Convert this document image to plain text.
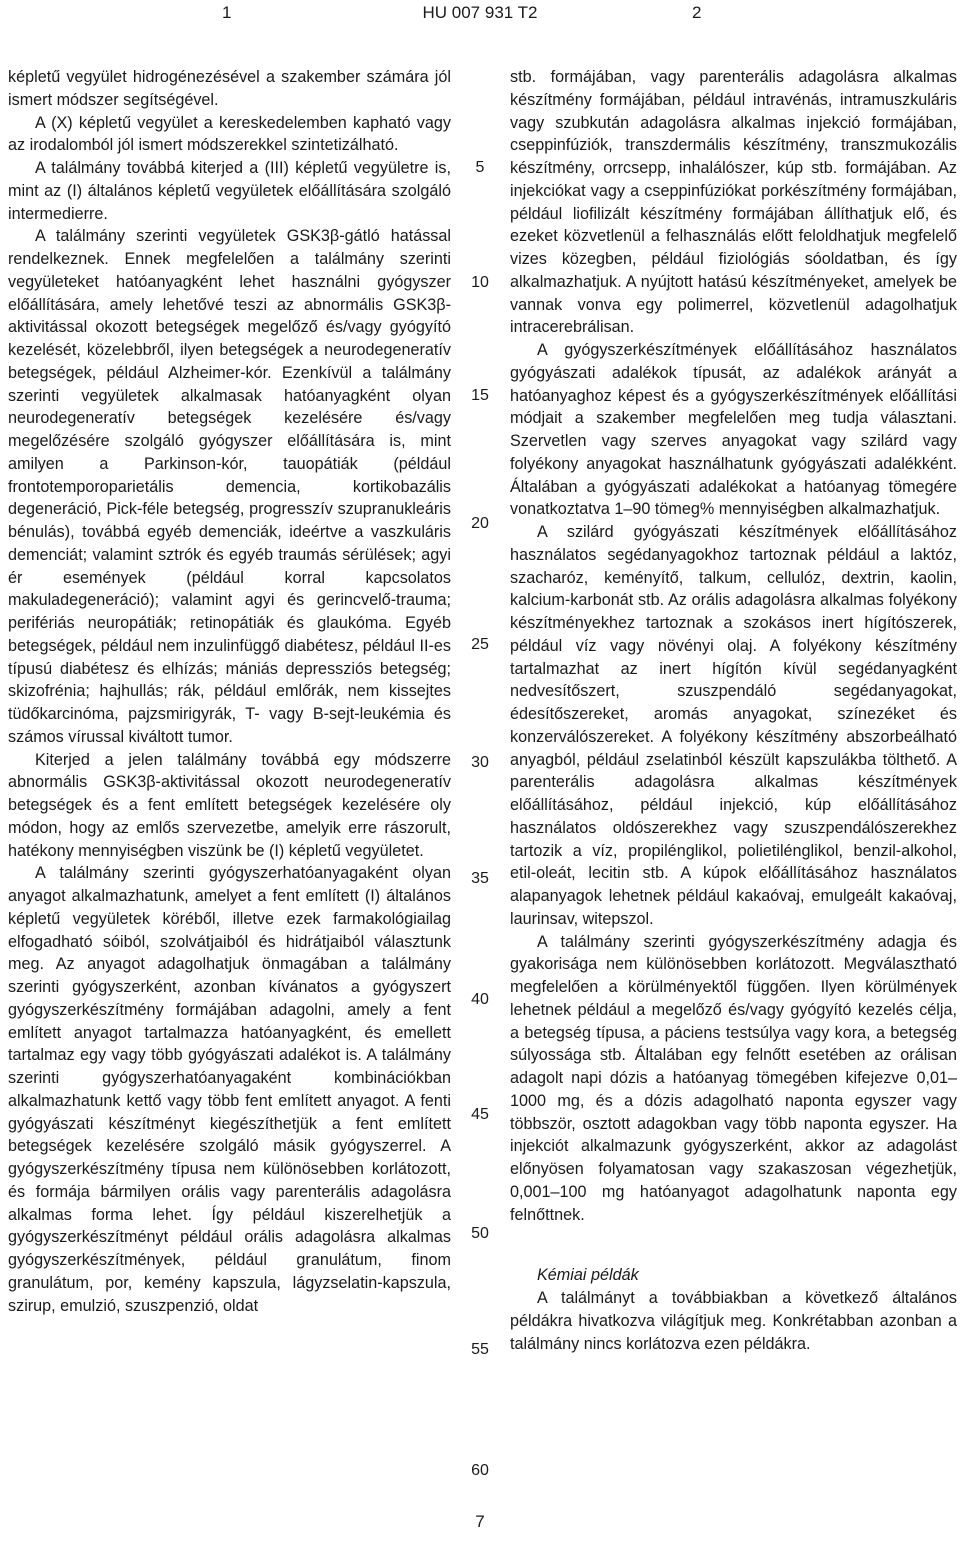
1	HU 007 931 T2	2

képletű vegyület hidrogénezésével a szakember számára jól ismert módszer segítségével.

A (X) képletű vegyület a kereskedelemben kapható vagy az irodalomból jól ismert módszerekkel szintetizálható.

A találmány továbbá kiterjed a (III) képletű vegyületre is, mint az (I) általános képletű vegyületek előállítására szolgáló intermedierre.

A találmány szerinti vegyületek GSK3β-gátló hatással rendelkeznek. Ennek megfelelően a találmány szerinti vegyületeket hatóanyagként lehet használni gyógyszer előállítására, amely lehetővé teszi az abnormális GSK3β-aktivitással okozott betegségek megelőző és/vagy gyógyító kezelését, közelebbről, ilyen betegségek a neurodegeneratív betegségek, például Alzheimer-kór. Ezenkívül a találmány szerinti vegyületek alkalmasak hatóanyagként olyan neurodegeneratív betegségek kezelésére és/vagy megelőzésére szolgáló gyógyszer előállítására is, mint amilyen a Parkinson-kór, tauopátiák (például frontotemporoparietális demencia, kortikobazális degeneráció, Pick-féle betegség, progresszív szupranukleáris bénulás), továbbá egyéb demenciák, ideértve a vaszkuláris demenciát; valamint sztrók és egyéb traumás sérülések; agyi ér események (például korral kapcsolatos makuladegeneráció); valamint agyi és gerincvelő-trauma; perifériás neuropátiák; retinopátiák és glaukóma. Egyéb betegségek, például nem inzulinfüggő diabétesz, például II-es típusú diabétesz és elhízás; mániás depressziós betegség; skizofrénia; hajhullás; rák, például emlőrák, nem kissejtes tüdőkarcinóma, pajzsmirigyrák, T- vagy B-sejt-leukémia és számos vírussal kiváltott tumor.

Kiterjed a jelen találmány továbbá egy módszerre abnormális GSK3β-aktivitással okozott neurodegeneratív betegségek és a fent említett betegségek kezelésére oly módon, hogy az emlős szervezetbe, amelyik erre rászorult, hatékony mennyiségben viszünk be (I) képletű vegyületet.

A találmány szerinti gyógyszerhatóanyagaként olyan anyagot alkalmazhatunk, amelyet a fent említett (I) általános képletű vegyületek köréből, illetve ezek farmakológiailag elfogadható sóiból, szolvátjaiból és hidrátjaiból választunk meg. Az anyagot adagolhatjuk önmagában a találmány szerinti gyógyszerként, azonban kívánatos a gyógyszert gyógyszerkészítmény formájában adagolni, amely a fent említett anyagot tartalmazza hatóanyagként, és emellett tartalmaz egy vagy több gyógyászati adalékot is. A találmány szerinti gyógyszerhatóanyagaként kombinációkban alkalmazhatunk kettő vagy több fent említett anyagot. A fenti gyógyászati készítményt kiegészíthetjük a fent említett betegségek kezelésére szolgáló másik gyógyszerrel. A gyógyszerkészítmény típusa nem különösebben korlátozott, és formája bármilyen orális vagy parenterális adagolásra alkalmas forma lehet. Így például kiszerelhetjük a gyógyszerkészítményt például orális adagolásra alkalmas gyógyszerkészítmények, például granulátum, finom granulátum, por, kemény kapszula, lágyzselatin-kapszula, szirup, emulzió, szuszpenzió, oldat

stb. formájában, vagy parenterális adagolásra alkalmas készítmény formájában, például intravénás, intramuszkuláris vagy szubkután adagolásra alkalmas injekció formájában, cseppinfúziók, transzdermális készítmény, transzmukozális készítmény, orrcsepp, inhalálószer, kúp stb. formájában. Az injekciókat vagy a cseppinfúziókat porkészítmény formájában, például liofilizált készítmény formájában állíthatjuk elő, és ezeket közvetlenül a felhasználás előtt feloldhatjuk megfelelő vizes közegben, például fiziológiás sóoldatban, és így alkalmazhatjuk. A nyújtott hatású készítményeket, amelyek be vannak vonva egy polimerrel, közvetlenül adagolhatjuk intracerebrálisan.

A gyógyszerkészítmények előállításához használatos gyógyászati adalékok típusát, az adalékok arányát a hatóanyaghoz képest és a gyógyszerkészítmények előállítási módjait a szakember megfelelően meg tudja választani. Szervetlen vagy szerves anyagokat vagy szilárd vagy folyékony anyagokat használhatunk gyógyászati adalékként. Általában a gyógyászati adalékokat a hatóanyag tömegére vonatkoztatva 1–90 tömeg% mennyiségben alkalmazhatjuk.

A szilárd gyógyászati készítmények előállításához használatos segédanyagokhoz tartoznak például a laktóz, szacharóz, keményítő, talkum, cellulóz, dextrin, kaolin, kalcium-karbonát stb. Az orális adagolásra alkalmas folyékony készítményekhez tartoznak a szokásos inert hígítószerek, például víz vagy növényi olaj. A folyékony készítmény tartalmazhat az inert hígítón kívül segédanyagként nedvesítőszert, szuszpendáló segédanyagokat, édesítőszereket, aromás anyagokat, színezéket és konzerválószereket. A folyékony készítmény abszorbeálható anyagból, például zselatinból készült kapszulákba tölthető. A parenterális adagolásra alkalmas készítmények előállításához, például injekció, kúp előállításához használatos oldószerekhez vagy szuszpendálószerekhez tartozik a víz, propilénglikol, polietilénglikol, benzil-alkohol, etil-oleát, lecitin stb. A kúpok előállításához használatos alapanyagok lehetnek például kakaóvaj, emulgeált kakaóvaj, laurinsav, witepszol.

A találmány szerinti gyógyszerkészítmény adagja és gyakorisága nem különösebben korlátozott. Megválasztható megfelelően a körülményektől függően. Ilyen körülmények lehetnek például a megelőző és/vagy gyógyító kezelés célja, a betegség típusa, a páciens testsúlya vagy kora, a betegség súlyossága stb. Általában egy felnőtt esetében az orálisan adagolt napi dózis a hatóanyag tömegében kifejezve 0,01–1000 mg, és a dózis adagolható naponta egyszer vagy többször, osztott adagokban vagy több naponta egyszer. Ha injekciót alkalmazunk gyógyszerként, akkor az adagolást előnyösen folyamatosan vagy szakaszosan végezhetjük, 0,001–100 mg hatóanyagot adagolhatunk naponta egy felnőttnek.

Kémiai példák

A találmányt a továbbiakban a következő általános példákra hivatkozva világítjuk meg. Konkrétabban azonban a találmány nincs korlátozva ezen példákra.

5
10
15
20
25
30
35
40
45
50
55
60
7
